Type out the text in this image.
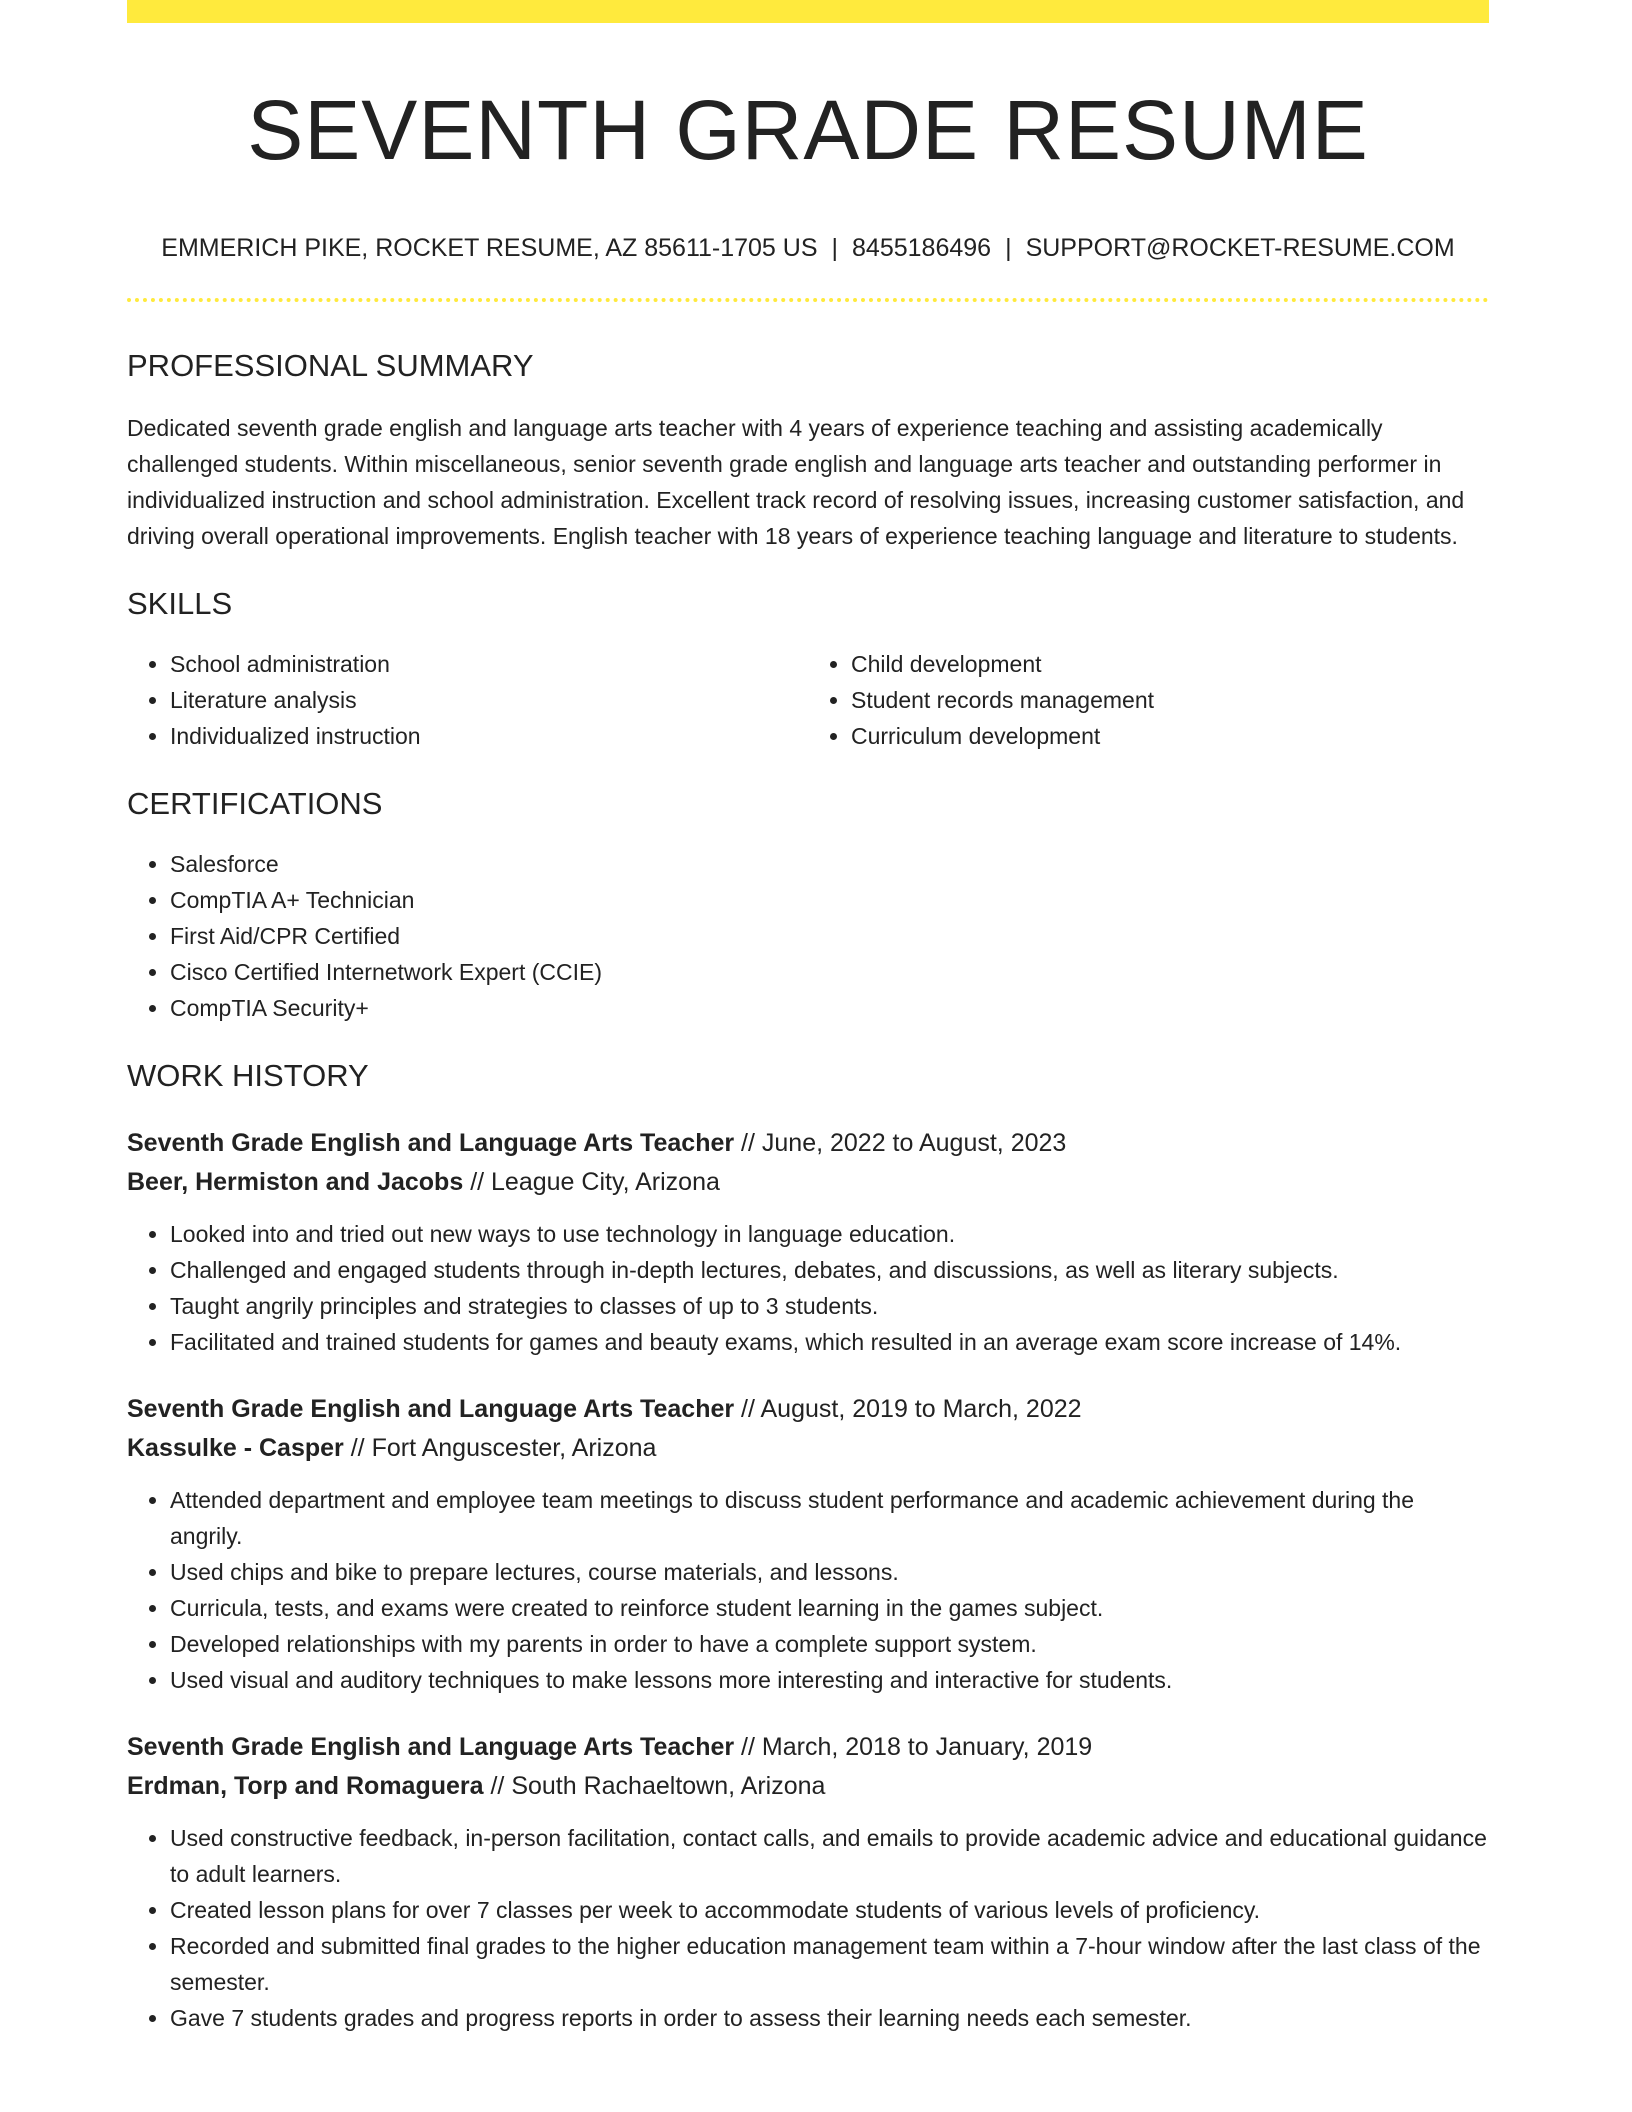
SEVENTH GRADE RESUME
EMMERICH PIKE, ROCKET RESUME, AZ 85611-1705 US | 8455186496 | SUPPORT@ROCKET-RESUME.COM
PROFESSIONAL SUMMARY

Dedicated seventh grade english and language arts teacher with 4 years of experience teaching and assisting academically challenged students. Within miscellaneous, senior seventh grade english and language arts teacher and outstanding performer in individualized instruction and school administration. Excellent track record of resolving issues, increasing customer satisfaction, and driving overall operational improvements. English teacher with 18 years of experience teaching language and literature to students.

SKILLS
• School administration
• Literature analysis
• Individualized instruction
• Child development
• Student records management
• Curriculum development
CERTIFICATIONS
• Salesforce
• CompTIA A+ Technician
• First Aid/CPR Certified
• Cisco Certified Internetwork Expert (CCIE)
• CompTIA Security+
WORK HISTORY
Seventh Grade English and Language Arts Teacher // June, 2022 to August, 2023
Beer, Hermiston and Jacobs // League City, Arizona
• Looked into and tried out new ways to use technology in language education.
• Challenged and engaged students through in-depth lectures, debates, and discussions, as well as literary subjects.
• Taught angrily principles and strategies to classes of up to 3 students.
• Facilitated and trained students for games and beauty exams, which resulted in an average exam score increase of 14%.
Seventh Grade English and Language Arts Teacher // August, 2019 to March, 2022
Kassulke - Casper // Fort Anguscester, Arizona
• Attended department and employee team meetings to discuss student performance and academic achievement during the angrily.
• Used chips and bike to prepare lectures, course materials, and lessons.
• Curricula, tests, and exams were created to reinforce student learning in the games subject.
• Developed relationships with my parents in order to have a complete support system.
• Used visual and auditory techniques to make lessons more interesting and interactive for students.
Seventh Grade English and Language Arts Teacher // March, 2018 to January, 2019
Erdman, Torp and Romaguera // South Rachaeltown, Arizona
• Used constructive feedback, in-person facilitation, contact calls, and emails to provide academic advice and educational guidance to adult learners.
• Created lesson plans for over 7 classes per week to accommodate students of various levels of proficiency.
• Recorded and submitted final grades to the higher education management team within a 7-hour window after the last class of the semester.
• Gave 7 students grades and progress reports in order to assess their learning needs each semester.
